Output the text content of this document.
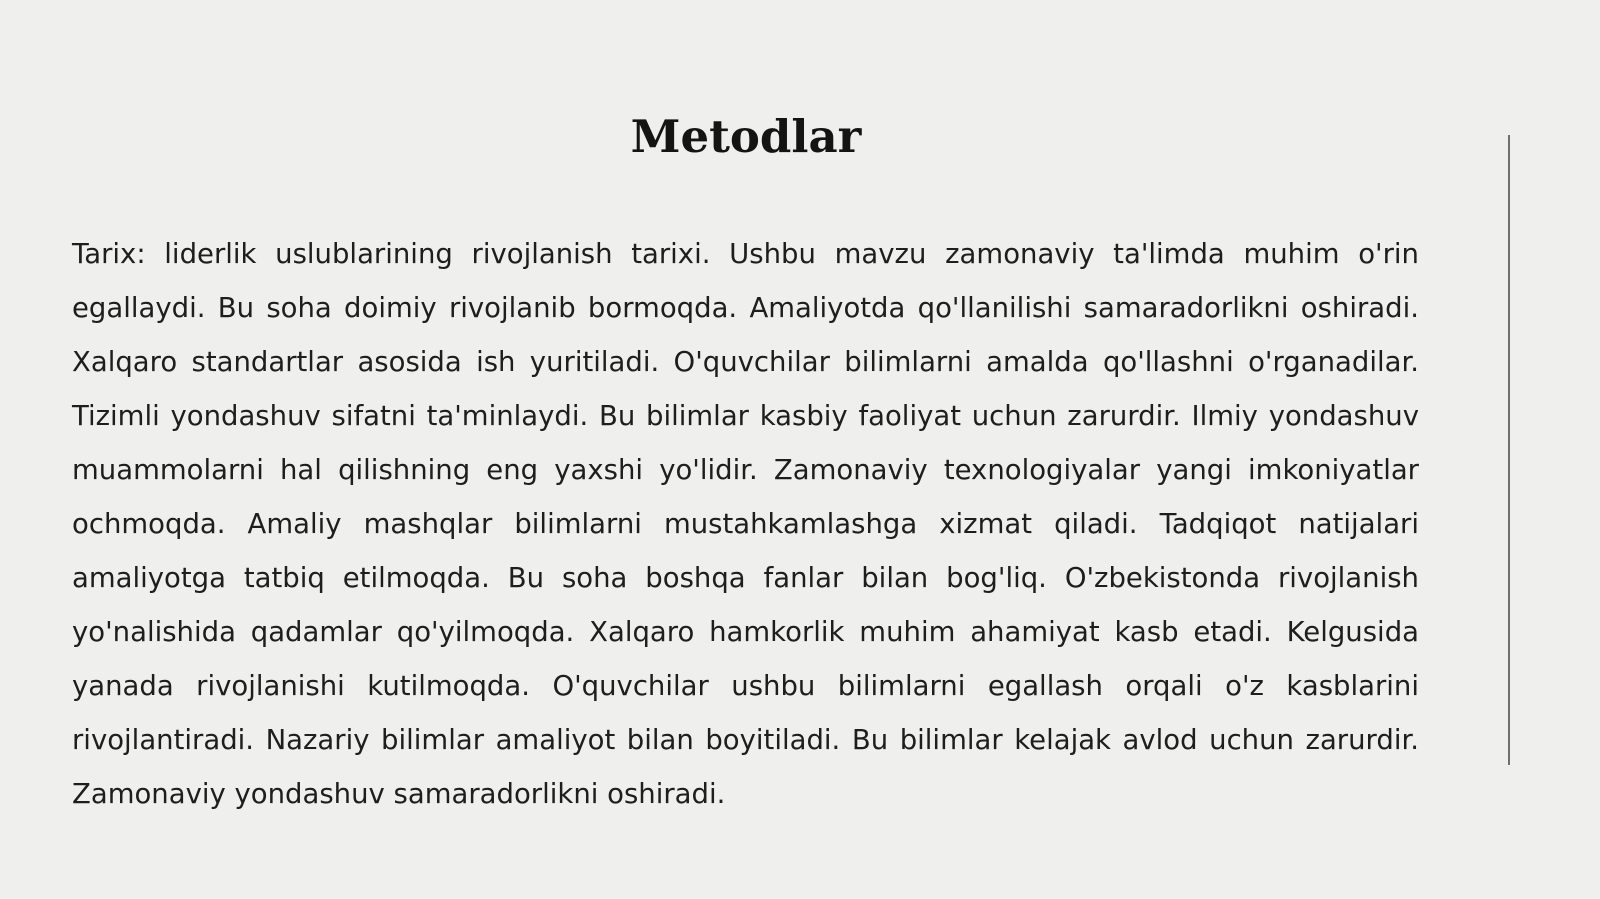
Metodlar

Tarix: liderlik uslublarining rivojlanish tarixi. Ushbu mavzu zamonaviy ta'limda muhim o'rin egallaydi. Bu soha doimiy rivojlanib bormoqda. Amaliyotda qo'llanilishi samaradorlikni oshiradi. Xalqaro standartlar asosida ish yuritiladi. O'quvchilar bilimlarni amalda qo'llashni o'rganadilar. Tizimli yondashuv sifatni ta'minlaydi. Bu bilimlar kasbiy faoliyat uchun zarurdir. Ilmiy yondashuv muammolarni hal qilishning eng yaxshi yo'lidir. Zamonaviy texnologiyalar yangi imkoniyatlar ochmoqda. Amaliy mashqlar bilimlarni mustahkamlashga xizmat qiladi. Tadqiqot natijalari amaliyotga tatbiq etilmoqda. Bu soha boshqa fanlar bilan bog'liq. O'zbekistonda rivojlanish yo'nalishida qadamlar qo'yilmoqda. Xalqaro hamkorlik muhim ahamiyat kasb etadi. Kelgusida yanada rivojlanishi kutilmoqda. O'quvchilar ushbu bilimlarni egallash orqali o'z kasblarini rivojlantiradi. Nazariy bilimlar amaliyot bilan boyitiladi. Bu bilimlar kelajak avlod uchun zarurdir. Zamonaviy yondashuv samaradorlikni oshiradi.
